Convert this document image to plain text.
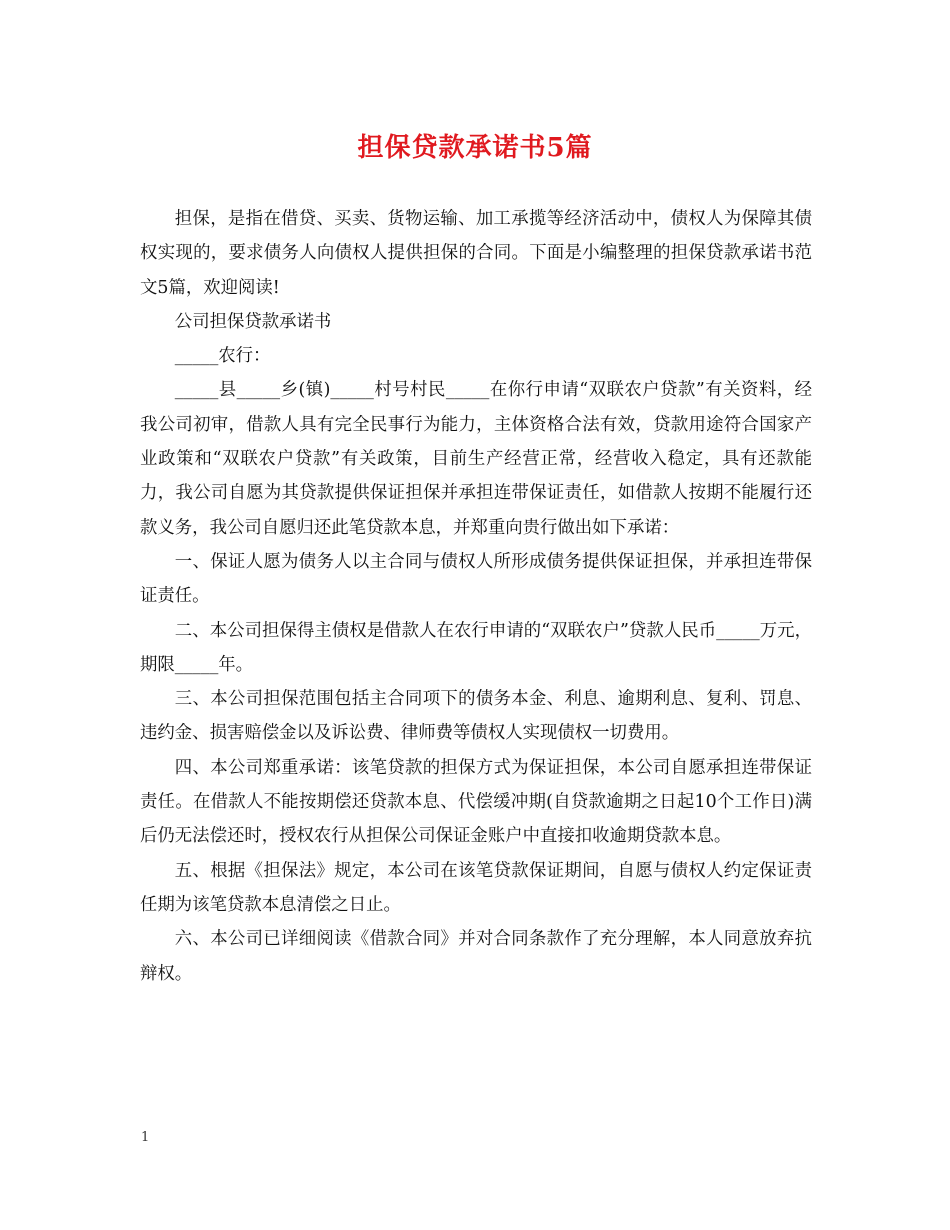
担保贷款承诺书5篇

担保，是指在借贷、买卖、货物运输、加工承揽等经济活动中，债权人为保障其债权实现的，要求债务人向债权人提供担保的合同。下面是小编整理的担保贷款承诺书范文5篇，欢迎阅读!

公司担保贷款承诺书

_____农行：

_____县_____乡(镇)_____村号村民_____在你行申请“双联农户贷款”有关资料，经我公司初审，借款人具有完全民事行为能力，主体资格合法有效，贷款用途符合国家产业政策和“双联农户贷款”有关政策，目前生产经营正常，经营收入稳定，具有还款能力，我公司自愿为其贷款提供保证担保并承担连带保证责任，如借款人按期不能履行还款义务，我公司自愿归还此笔贷款本息，并郑重向贵行做出如下承诺：

一、保证人愿为债务人以主合同与债权人所形成债务提供保证担保，并承担连带保证责任。

二、本公司担保得主债权是借款人在农行申请的“双联农户”贷款人民币_____万元，期限_____年。

三、本公司担保范围包括主合同项下的债务本金、利息、逾期利息、复利、罚息、违约金、损害赔偿金以及诉讼费、律师费等债权人实现债权一切费用。

四、本公司郑重承诺：该笔贷款的担保方式为保证担保，本公司自愿承担连带保证责任。在借款人不能按期偿还贷款本息、代偿缓冲期(自贷款逾期之日起10个工作日)满后仍无法偿还时，授权农行从担保公司保证金账户中直接扣收逾期贷款本息。

五、根据《担保法》规定，本公司在该笔贷款保证期间，自愿与债权人约定保证责任期为该笔贷款本息清偿之日止。

六、本公司已详细阅读《借款合同》并对合同条款作了充分理解，本人同意放弃抗辩权。

1
